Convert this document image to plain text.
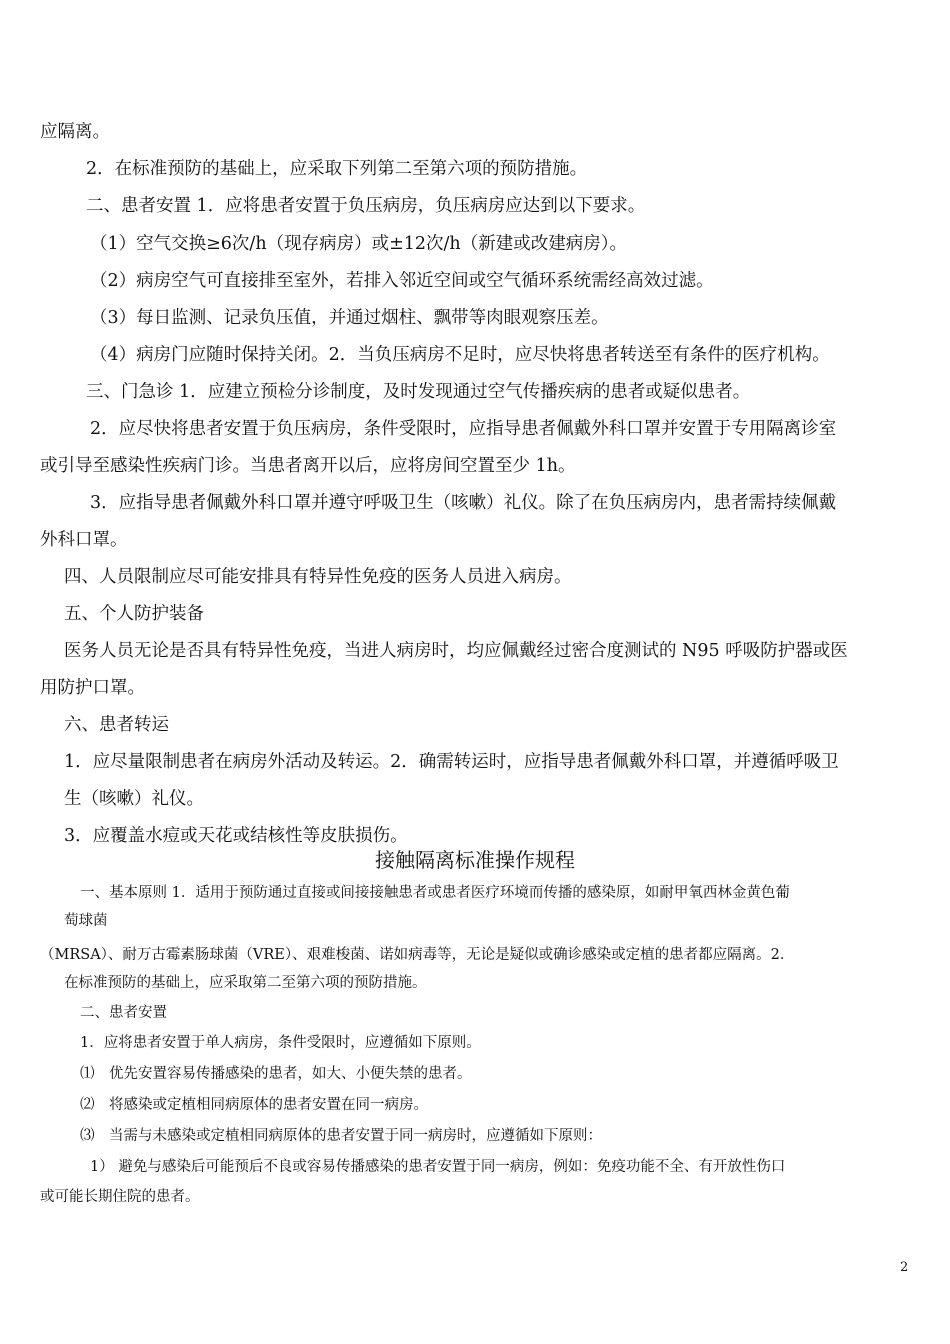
应隔离。
2．在标准预防的基础上，应采取下列第二至第六项的预防措施。
二、患者安置 1．应将患者安置于负压病房，负压病房应达到以下要求。
（1）空气交换≥6次/h（现存病房）或±12次/h（新建或改建病房）。
（2）病房空气可直接排至室外，若排入邻近空间或空气循环系统需经高效过滤。
（3）每日监测、记录负压值，并通过烟柱、飘带等肉眼观察压差。
（4）病房门应随时保持关闭。2．当负压病房不足时，应尽快将患者转送至有条件的医疗机构。
三、门急诊 1．应建立预检分诊制度，及时发现通过空气传播疾病的患者或疑似患者。
2．应尽快将患者安置于负压病房，条件受限时，应指导患者佩戴外科口罩并安置于专用隔离诊室
或引导至感染性疾病门诊。当患者离开以后，应将房间空置至少 1h。
3．应指导患者佩戴外科口罩并遵守呼吸卫生（咳嗽）礼仪。除了在负压病房内，患者需持续佩戴
外科口罩。
四、人员限制应尽可能安排具有特异性免疫的医务人员进入病房。
五、个人防护装备
医务人员无论是否具有特异性免疫，当进人病房时，均应佩戴经过密合度测试的 N95 呼吸防护器或医
用防护口罩。
六、患者转运
1．应尽量限制患者在病房外活动及转运。2．确需转运时，应指导患者佩戴外科口罩，并遵循呼吸卫
生（咳嗽）礼仪。
3．应覆盖水痘或天花或结核性等皮肤损伤。
接触隔离标准操作规程
一、基本原则 1．适用于预防通过直接或间接接触患者或患者医疗环境而传播的感染原，如耐甲氧西林金黄色葡
萄球菌
（MRSA）、耐万古霉素肠球菌（VRE）、艰难梭菌、诺如病毒等，无论是疑似或确诊感染或定植的患者都应隔离。2．
在标准预防的基础上，应采取第二至第六项的预防措施。
二、患者安置
1．应将患者安置于单人病房，条件受限时，应遵循如下原则。
⑴　优先安置容易传播感染的患者，如大、小便失禁的患者。
⑵　将感染或定植相同病原体的患者安置在同一病房。
⑶　当需与未感染或定植相同病原体的患者安置于同一病房时，应遵循如下原则：
1） 避免与感染后可能预后不良或容易传播感染的患者安置于同一病房，例如：免疫功能不全、有开放性伤口
或可能长期住院的患者。
2
